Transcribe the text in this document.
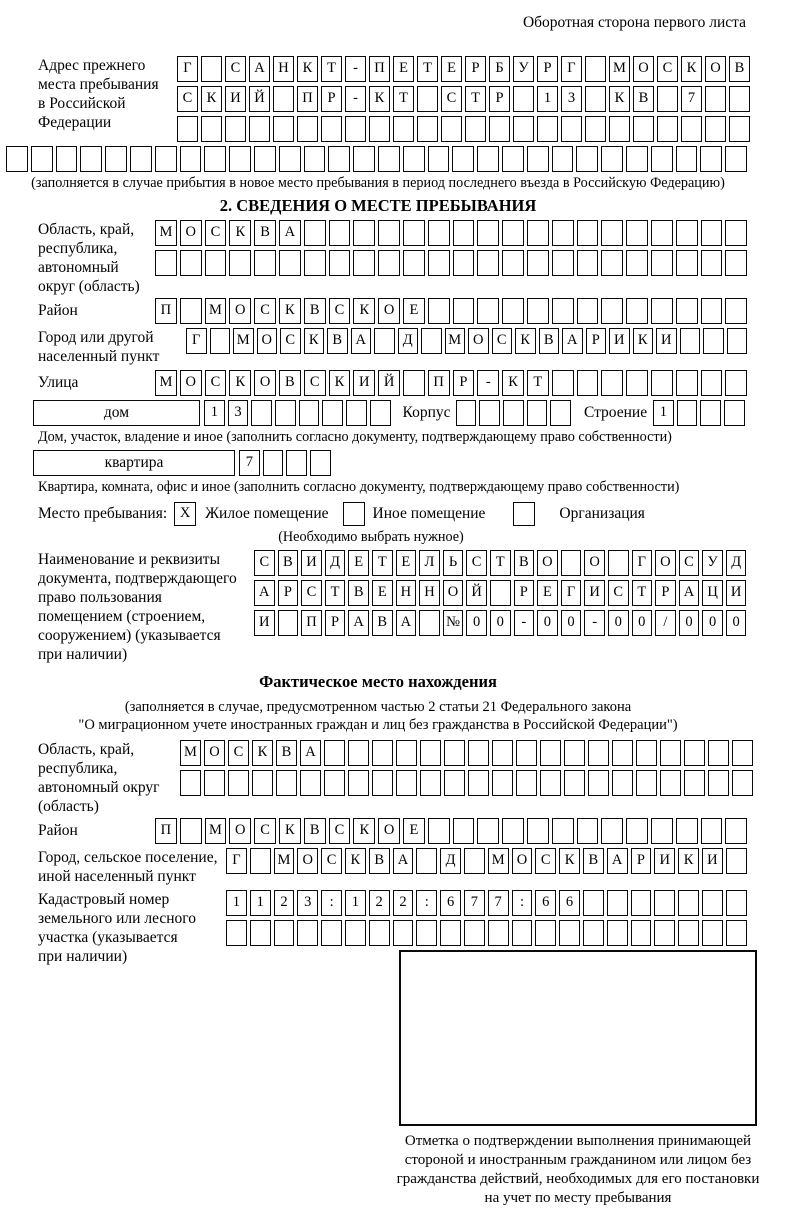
Оборотная сторона первого листа
Адрес прежнего
места пребывания
в Российской
Федерации
Г	С А Н К	Т	-	П Е	Т	Е	Р	Б	У	Р	Г	М О С К О В
С К И Й	П	Р	-	К	Т	С	Т	Р	1	3	К В	7
(заполняется в случае прибытия в новое место пребывания в период последнего въезда в Российскую Федерацию)
2. СВЕДЕНИЯ О МЕСТЕ ПРЕБЫВАНИЯ
Область, край,
республика,
автономный
округ (область)
М О	С	К	В	А
Район	П	М О	С	К	В	С	К	О	Е
Город или другой
населенный пункт
Г	М О С К В А	Д	М О С К В А Р И К И
Улица	М О	С	К	О	В	С	К	И Й	П	Р	-	К	Т
дом	1	3	Корпус	Строение 1
Дом, участок, владение и иное (заполнить согласно документу, подтверждающему право собственности)
квартира	7
Квартира, комната, офис и иное (заполнить согласно документу, подтверждающему право собственности)
Место пребывания: X Жилое помещение	Иное помещение	Организация
(Необходимо выбрать нужное)
Наименование и реквизиты
документа, подтверждающего
право пользования
помещением (строением,
сооружением) (указывается
при наличии)
С В И Д Е	Т	Е Л	Ь	С Т В О	О	Г О С У Д
А Р	С Т В Е Н Н О Й	Р	Е	Г И С Т	Р А Ц И
И	П Р А В А	№ 0	0	-	0	0	-	0	0	/	0	0	0
Фактическое место нахождения
(заполняется в случае, предусмотренном частью 2 статьи 21 Федерального закона
"О миграционном учете иностранных граждан и лиц без гражданства в Российской Федерации")
Область, край,
республика,
автономный округ
(область)
М О С К В А
Район	П	М О	С	К	В	С	К	О	Е
Город, сельское поселение,
иной населенный пункт
Г	М О С К В А	Д	М О С К В А	Р	И К И
Кадастровый номер
земельного или лесного
участка (указывается
при наличии)
1	1	2	3	:	1	2	2	:	6	7	7	:	6	6
Отметка о подтверждении выполнения принимающей
стороной и иностранным гражданином или лицом без
гражданства действий, необходимых для его постановки
на учет по месту пребывания
